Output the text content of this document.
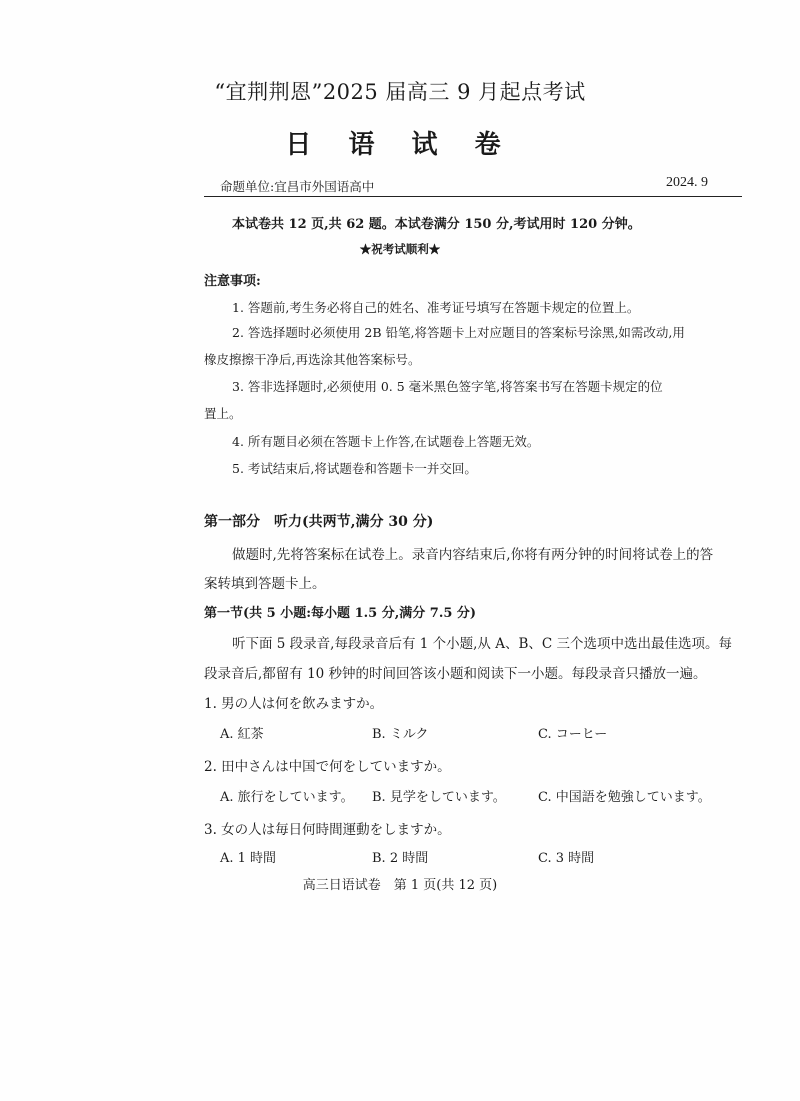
“宜荆荆恩”2025 届高三 9 月起点考试
日 语 试 卷
命题单位:宜昌市外国语高中	2024. 9
本试卷共 12 页,共 62 题。本试卷满分 150 分,考试用时 120 分钟。
★祝考试顺利★
注意事项:
1. 答题前,考生务必将自己的姓名、准考证号填写在答题卡规定的位置上。
2. 答选择题时必须使用 2B 铅笔,将答题卡上对应题目的答案标号涂黑,如需改动,用
橡皮擦擦干净后,再选涂其他答案标号。
3. 答非选择题时,必须使用 0. 5 毫米黑色签字笔,将答案书写在答题卡规定的位
置上。
4. 所有题目必须在答题卡上作答,在试题卷上答题无效。
5. 考试结束后,将试题卷和答题卡一并交回。
第一部分 听力(共两节,满分 30 分)
做题时,先将答案标在试卷上。录音内容结束后,你将有两分钟的时间将试卷上的答
案转填到答题卡上。
第一节(共 5 小题:每小题 1.5 分,满分 7.5 分)
听下面 5 段录音,每段录音后有 1 个小题,从 A、B、C 三个选项中选出最佳选项。每
段录音后,都留有 10 秒钟的时间回答该小题和阅读下一小题。每段录音只播放一遍。
1. 男の人は何を飲みますか。
A. 紅茶	B. ミルク	C. コーヒー
2. 田中さんは中国で何をしていますか。
A. 旅行をしています。 B. 見学をしています。 C. 中国語を勉強しています。
3. 女の人は毎日何時間運動をしますか。
A. 1 時間	B. 2 時間	C. 3 時間
高三日语试卷　第 1 页(共 12 页)
